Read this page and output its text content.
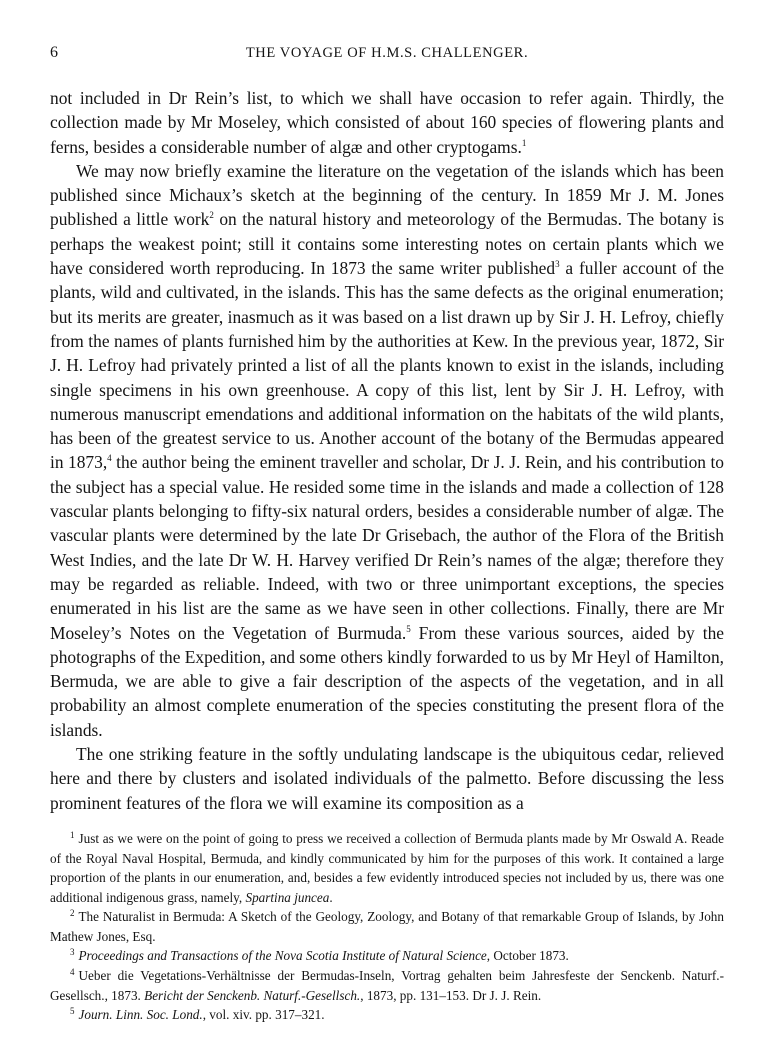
6	THE VOYAGE OF H.M.S. CHALLENGER.

not included in Dr Rein’s list, to which we shall have occasion to refer again. Thirdly, the collection made by Mr Moseley, which consisted of about 160 species of flowering plants and ferns, besides a considerable number of algæ and other cryptogams.$^1$

We may now briefly examine the literature on the vegetation of the islands which has been published since Michaux’s sketch at the beginning of the century. In 1859 Mr J. M. Jones published a little work$^2$ on the natural history and meteorology of the Bermudas. The botany is perhaps the weakest point; still it contains some interesting notes on certain plants which we have considered worth reproducing. In 1873 the same writer published$^3$ a fuller account of the plants, wild and cultivated, in the islands. This has the same defects as the original enumeration; but its merits are greater, inasmuch as it was based on a list drawn up by Sir J. H. Lefroy, chiefly from the names of plants furnished him by the authorities at Kew. In the previous year, 1872, Sir J. H. Lefroy had privately printed a list of all the plants known to exist in the islands, including single specimens in his own greenhouse. A copy of this list, lent by Sir J. H. Lefroy, with numerous manuscript emendations and additional information on the habitats of the wild plants, has been of the greatest service to us. Another account of the botany of the Bermudas appeared in 1873,$^4$ the author being the eminent traveller and scholar, Dr J. J. Rein, and his contribution to the subject has a special value. He resided some time in the islands and made a collection of 128 vascular plants belonging to fifty-six natural orders, besides a considerable number of algæ. The vascular plants were determined by the late Dr Grisebach, the author of the Flora of the British West Indies, and the late Dr W. H. Harvey verified Dr Rein’s names of the algæ; therefore they may be regarded as reliable. Indeed, with two or three unimportant exceptions, the species enumerated in his list are the same as we have seen in other collections. Finally, there are Mr Moseley’s Notes on the Vegetation of Burmuda.$^5$ From these various sources, aided by the photographs of the Expedition, and some others kindly forwarded to us by Mr Heyl of Hamilton, Bermuda, we are able to give a fair description of the aspects of the vegetation, and in all probability an almost complete enumeration of the species constituting the present flora of the islands.

The one striking feature in the softly undulating landscape is the ubiquitous cedar, relieved here and there by clusters and isolated individuals of the palmetto. Before discussing the less prominent features of the flora we will examine its composition as a

$^1$ Just as we were on the point of going to press we received a collection of Bermuda plants made by Mr Oswald A. Reade of the Royal Naval Hospital, Bermuda, and kindly communicated by him for the purposes of this work. It contained a large proportion of the plants in our enumeration, and, besides a few evidently introduced species not included by us, there was one additional indigenous grass, namely, Spartina juncea.

$^2$ The Naturalist in Bermuda: A Sketch of the Geology, Zoology, and Botany of that remarkable Group of Islands, by John Mathew Jones, Esq.

$^3$ Proceedings and Transactions of the Nova Scotia Institute of Natural Science, October 1873.

$^4$ Ueber die Vegetations-Verhältnisse der Bermudas-Inseln, Vortrag gehalten beim Jahresfeste der Senckenb. Naturf.-Gesellsch., 1873. Bericht der Senckenb. Naturf.-Gesellsch., 1873, pp. 131–153. Dr J. J. Rein.

$^5$ Journ. Linn. Soc. Lond., vol. xiv. pp. 317–321.
